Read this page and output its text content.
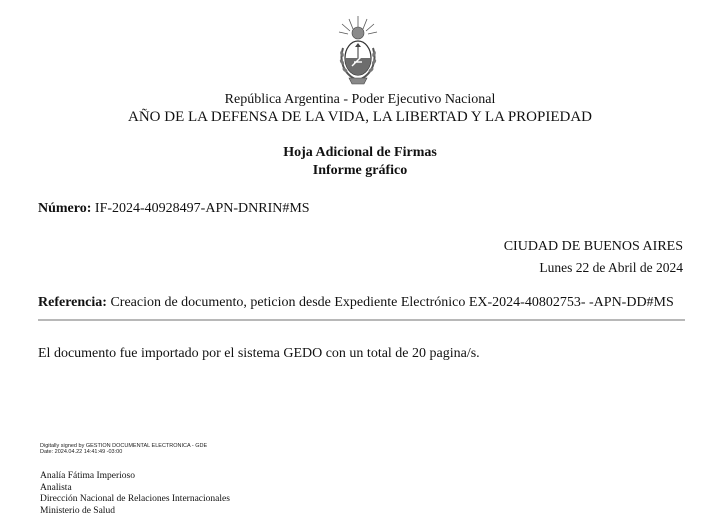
República Argentina - Poder Ejecutivo Nacional
AÑO DE LA DEFENSA DE LA VIDA, LA LIBERTAD Y LA PROPIEDAD
Hoja Adicional de Firmas
Informe gráfico
Número: IF-2024-40928497-APN-DNRIN#MS
CIUDAD DE BUENOS AIRES
Lunes 22 de Abril de 2024
Referencia: Creacion de documento, peticion desde Expediente Electrónico EX-2024-40802753- -APN-DD#MS
El documento fue importado por el sistema GEDO con un total de 20 pagina/s.
Digitally signed by GESTION DOCUMENTAL ELECTRONICA - GDE
Date: 2024.04.22 14:41:49 -03:00
Analía Fátima Imperioso
Analista
Dirección Nacional de Relaciones Internacionales
Ministerio de Salud
